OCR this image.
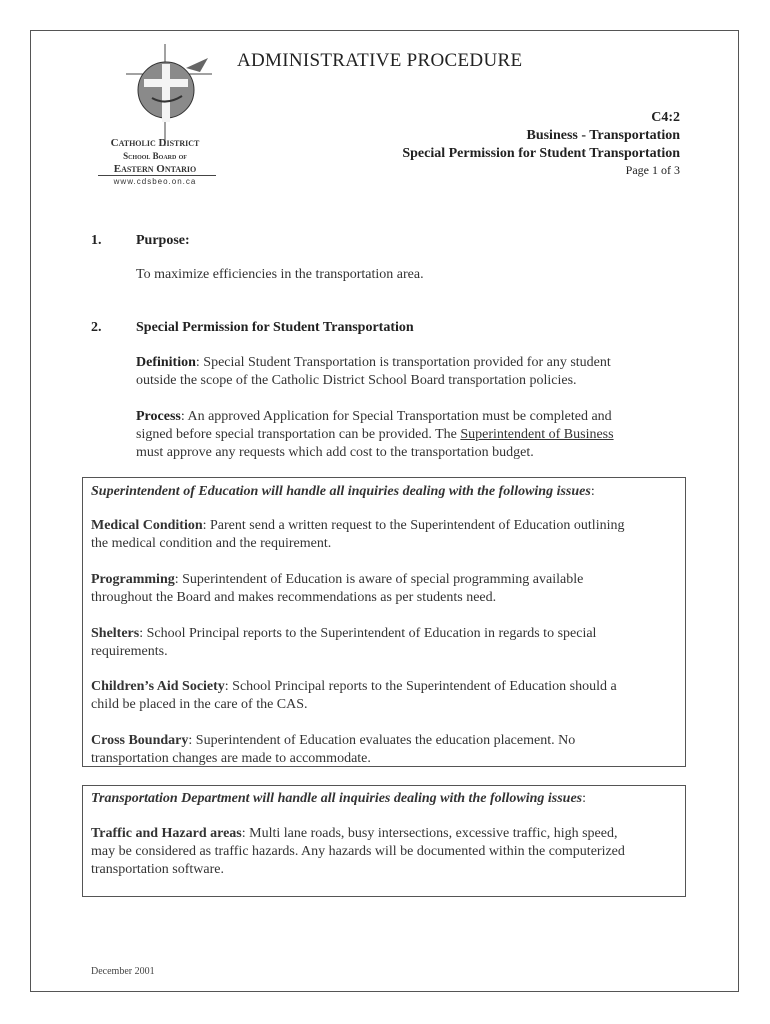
Catholic District
School Board of
Eastern Ontario
www.cdsbeo.on.ca
ADMINISTRATIVE PROCEDURE
C4:2
Business - Transportation
Special Permission for Student Transportation
Page 1 of 3
1. Purpose:
To maximize efficiencies in the transportation area.
2. Special Permission for Student Transportation
Definition: Special Student Transportation is transportation provided for any student
outside the scope of the Catholic District School Board transportation policies.
Process: An approved Application for Special Transportation must be completed and
signed before special transportation can be provided. The Superintendent of Business
must approve any requests which add cost to the transportation budget.
Superintendent of Education will handle all inquiries dealing with the following issues:
Medical Condition: Parent send a written request to the Superintendent of Education outlining
the medical condition and the requirement.
Programming: Superintendent of Education is aware of special programming available
throughout the Board and makes recommendations as per students need.
Shelters: School Principal reports to the Superintendent of Education in regards to special
requirements.
Children’s Aid Society: School Principal reports to the Superintendent of Education should a
child be placed in the care of the CAS.
Cross Boundary: Superintendent of Education evaluates the education placement. No
transportation changes are made to accommodate.
Transportation Department will handle all inquiries dealing with the following issues:
Traffic and Hazard areas: Multi lane roads, busy intersections, excessive traffic, high speed,
may be considered as traffic hazards. Any hazards will be documented within the computerized
transportation software.
December 2001
